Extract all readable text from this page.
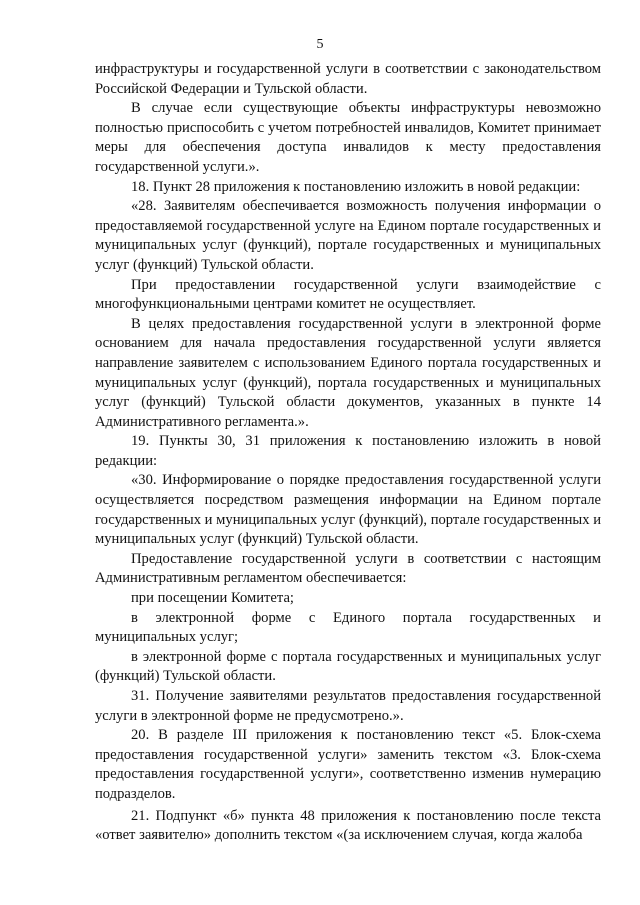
5

инфраструктуры и государственной услуги в соответствии с законодательством Российской Федерации и Тульской области.

В случае если существующие объекты инфраструктуры невозможно полностью приспособить с учетом потребностей инвалидов, Комитет принимает меры для обеспечения доступа инвалидов к месту предоставления государственной услуги.».

18. Пункт 28 приложения к постановлению изложить в новой редакции:

«28. Заявителям обеспечивается возможность получения информации о предоставляемой государственной услуге на Едином портале государственных и муниципальных услуг (функций), портале государственных и муниципальных услуг (функций) Тульской области.

При предоставлении государственной услуги взаимодействие с многофункциональными центрами комитет не осуществляет.

В целях предоставления государственной услуги в электронной форме основанием для начала предоставления государственной услуги является направление заявителем с использованием Единого портала государственных и муниципальных услуг (функций), портала государственных и муниципальных услуг (функций) Тульской области документов, указанных в пункте 14 Административного регламента.».

19. Пункты 30, 31 приложения к постановлению изложить в новой редакции:

«30. Информирование о порядке предоставления государственной услуги осуществляется посредством размещения информации на Едином портале государственных и муниципальных услуг (функций), портале государственных и муниципальных услуг (функций) Тульской области.

Предоставление государственной услуги в соответствии с настоящим Административным регламентом обеспечивается:

при посещении Комитета;

в электронной форме с Единого портала государственных и муниципальных услуг;

в электронной форме с портала государственных и муниципальных услуг (функций) Тульской области.

31. Получение заявителями результатов предоставления государственной услуги в электронной форме не предусмотрено.».

20. В разделе III приложения к постановлению текст «5. Блок-схема предоставления государственной услуги» заменить текстом «3. Блок-схема предоставления государственной услуги», соответственно изменив нумерацию подразделов.

21. Подпункт «б» пункта 48 приложения к постановлению после текста «ответ заявителю» дополнить текстом «(за исключением случая, когда жалоба
